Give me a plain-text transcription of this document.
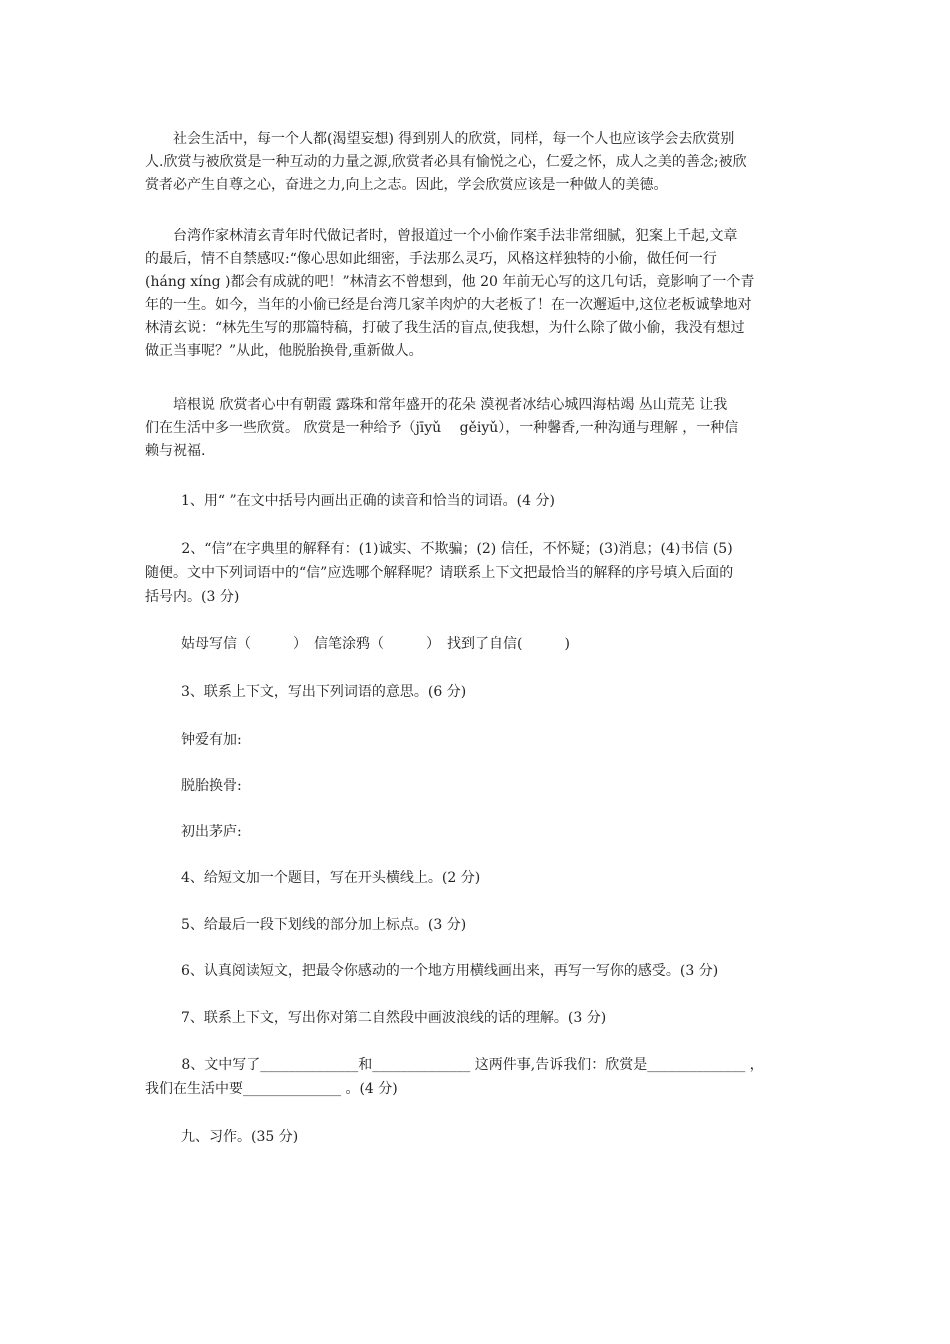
社会生活中，每一个人都(渴望妄想) 得到别人的欣赏，同样，每一个人也应该学会去欣赏别
人.欣赏与被欣赏是一种互动的力量之源,欣赏者必具有愉悦之心，仁爱之怀，成人之美的善念;被欣
赏者必产生自尊之心，奋进之力,向上之志。因此，学会欣赏应该是一种做人的美德。
台湾作家林清玄青年时代做记者时，曾报道过一个小偷作案手法非常细腻，犯案上千起,文章
的最后，情不自禁感叹:“像心思如此细密，手法那么灵巧，风格这样独特的小偷，做任何一行
(háng xíng )都会有成就的吧！”林清玄不曾想到，他 20 年前无心写的这几句话，竟影响了一个青
年的一生。如今，当年的小偷已经是台湾几家羊肉炉的大老板了！在一次邂逅中,这位老板诚挚地对
林清玄说：“林先生写的那篇特稿，打破了我生活的盲点,使我想，为什么除了做小偷，我没有想过
做正当事呢？”从此，他脱胎换骨,重新做人。
培根说 欣赏者心中有朝霞 露珠和常年盛开的花朵 漠视者冰结心城四海枯竭 丛山荒芜 让我
们在生活中多一些欣赏。 欣赏是一种给予（jīyǔ　 gěiyǔ），一种馨香,一种沟通与理解 ，一种信
赖与祝福.
1、用“ ”在文中括号内画出正确的读音和恰当的词语。(4 分)
2、“信”在字典里的解释有：(1)诚实、不欺骗；(2) 信任，不怀疑；(3)消息；(4)书信 (5)
随便。文中下列词语中的“信”应选哪个解释呢？请联系上下文把最恰当的解释的序号填入后面的
括号内。(3 分)
姑母写信（　　　）　信笔涂鸦（　　　）　找到了自信(　　　)
3、联系上下文，写出下列词语的意思。(6 分)
钟爱有加:
脱胎换骨:
初出茅庐:
4、给短文加一个题目，写在开头横线上。(2 分)
5、给最后一段下划线的部分加上标点。(3 分)
6、认真阅读短文，把最令你感动的一个地方用横线画出来，再写一写你的感受。(3 分)
7、联系上下文，写出你对第二自然段中画波浪线的话的理解。(3 分)
8、文中写了______________和______________ 这两件事,告诉我们：欣赏是______________ ，
我们在生活中要______________ 。(4 分)
九、习作。(35 分)
